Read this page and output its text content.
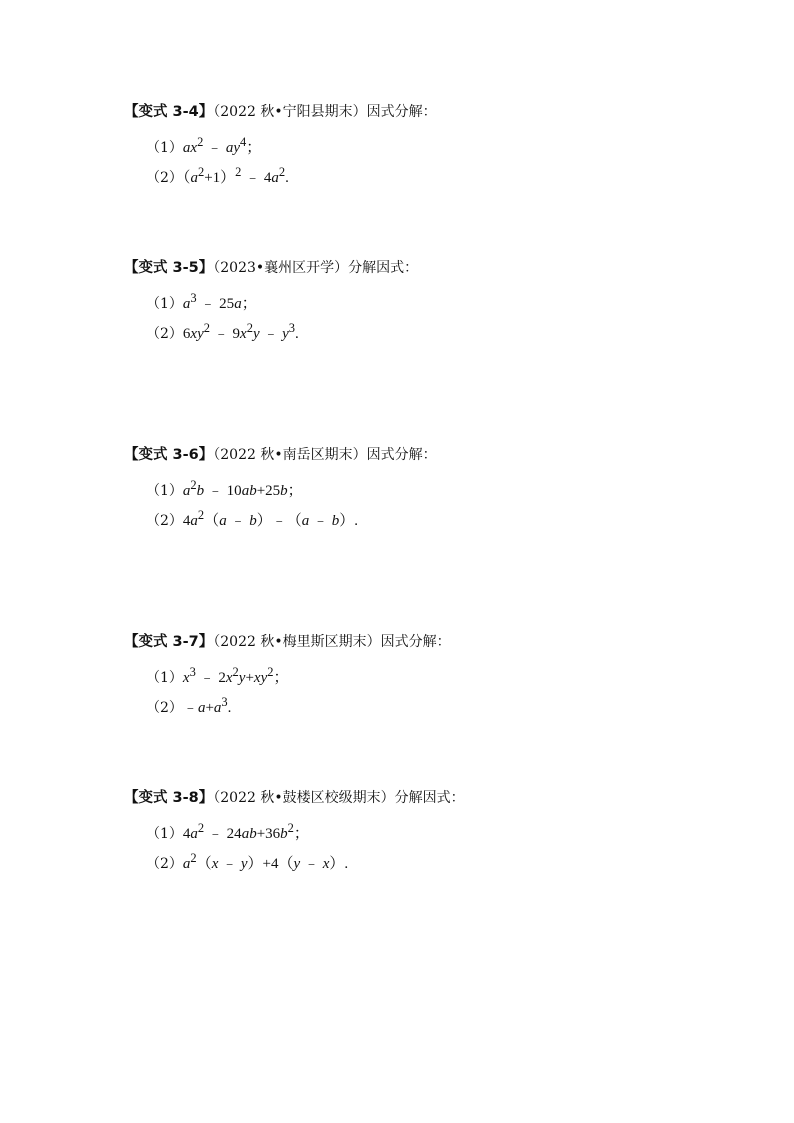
【变式 3-4】（2022 秋•宁阳县期末）因式分解：
$(1)ax^2$ ﹣ $ay^4$；
$(2)(a^2+1)^2$ ﹣ $4a^2$.
【变式 3-5】（2023•襄州区开学）分解因式：
$(1)a^3$ ﹣ 25a；
$(2)6xy^2$ ﹣ $9x^2y$ ﹣ $y^3$.
【变式 3-6】（2022 秋•南岳区期末）因式分解：
$(1)a^2b$ ﹣ 10ab+25b；
$(2)4a^2(a$ ﹣ b）﹣（a ﹣ b）.
【变式 3-7】（2022 秋•梅里斯区期末）因式分解：
$(1)x^3$ ﹣ $2x^2y+xy^2$；
$(2)﹣a+a^3$.
【变式 3-8】（2022 秋•鼓楼区校级期末）分解因式：
$(1)4a^2$ ﹣ $24ab+36b^2$；
$(2)a^2(x$ ﹣ y）+4（y ﹣ x）.
